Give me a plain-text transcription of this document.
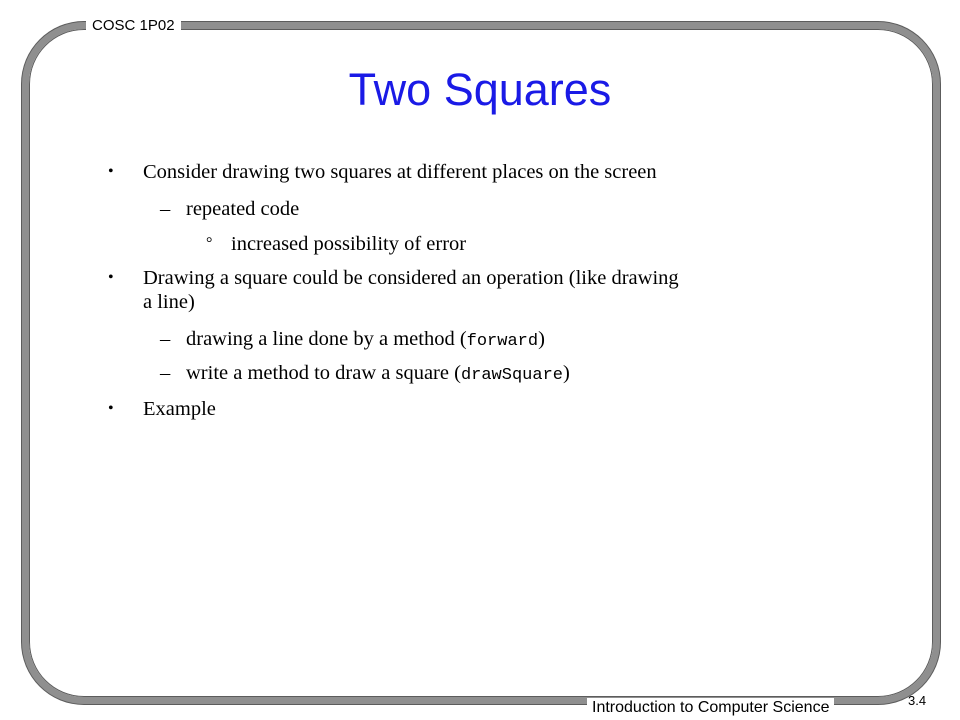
COSC 1P02
Two Squares
• Consider drawing two squares at different places on the screen
– repeated code
° increased possibility of error
• Drawing a square could be considered an operation (like drawing
a line)
– drawing a line done by a method (forward)
– write a method to draw a square (drawSquare)
• Example
Introduction to Computer Science	3.4
